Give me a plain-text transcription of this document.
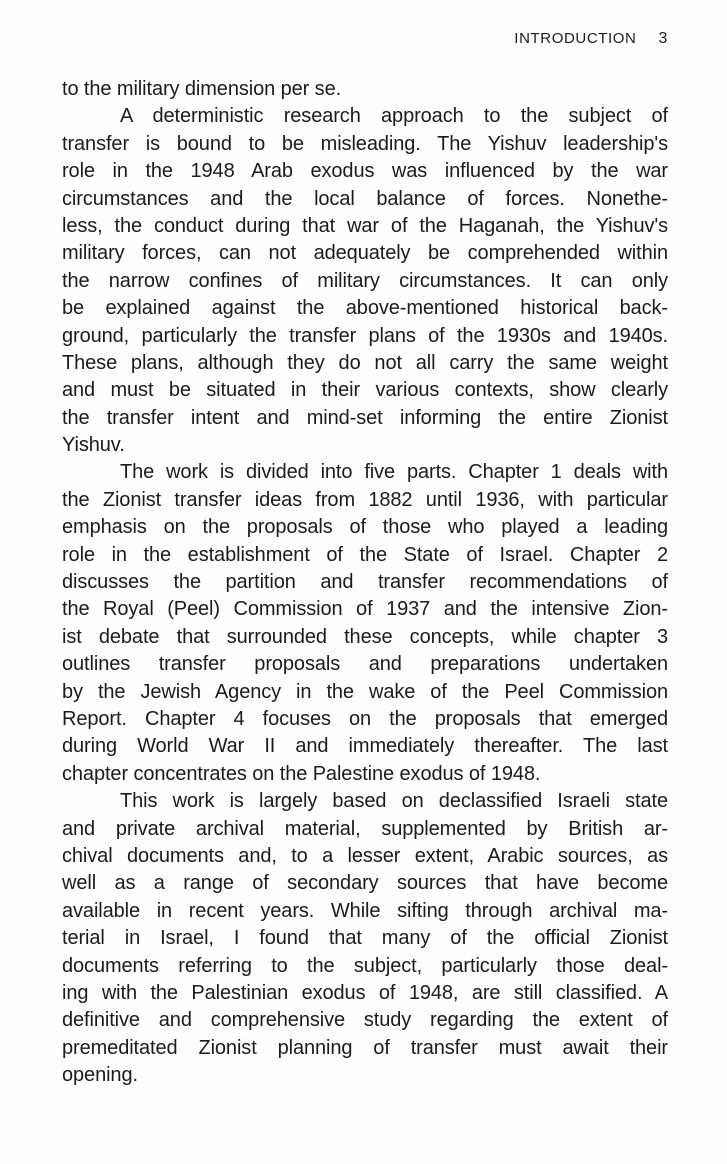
INTRODUCTION 3
to the military dimension per se.
A deterministic research approach to the subject of
transfer is bound to be misleading. The Yishuv leadership's
role in the 1948 Arab exodus was influenced by the war
circumstances and the local balance of forces. Nonethe-
less, the conduct during that war of the Haganah, the Yishuv's
military forces, can not adequately be comprehended within
the narrow confines of military circumstances. It can only
be explained against the above-mentioned historical back-
ground, particularly the transfer plans of the 1930s and 1940s.
These plans, although they do not all carry the same weight
and must be situated in their various contexts, show clearly
the transfer intent and mind-set informing the entire Zionist
Yishuv.
The work is divided into five parts. Chapter 1 deals with
the Zionist transfer ideas from 1882 until 1936, with particular
emphasis on the proposals of those who played a leading
role in the establishment of the State of Israel. Chapter 2
discusses the partition and transfer recommendations of
the Royal (Peel) Commission of 1937 and the intensive Zion-
ist debate that surrounded these concepts, while chapter 3
outlines transfer proposals and preparations undertaken
by the Jewish Agency in the wake of the Peel Commission
Report. Chapter 4 focuses on the proposals that emerged
during World War II and immediately thereafter. The last
chapter concentrates on the Palestine exodus of 1948.
This work is largely based on declassified Israeli state
and private archival material, supplemented by British ar-
chival documents and, to a lesser extent, Arabic sources, as
well as a range of secondary sources that have become
available in recent years. While sifting through archival ma-
terial in Israel, I found that many of the official Zionist
documents referring to the subject, particularly those deal-
ing with the Palestinian exodus of 1948, are still classified. A
definitive and comprehensive study regarding the extent of
premeditated Zionist planning of transfer must await their
opening.
